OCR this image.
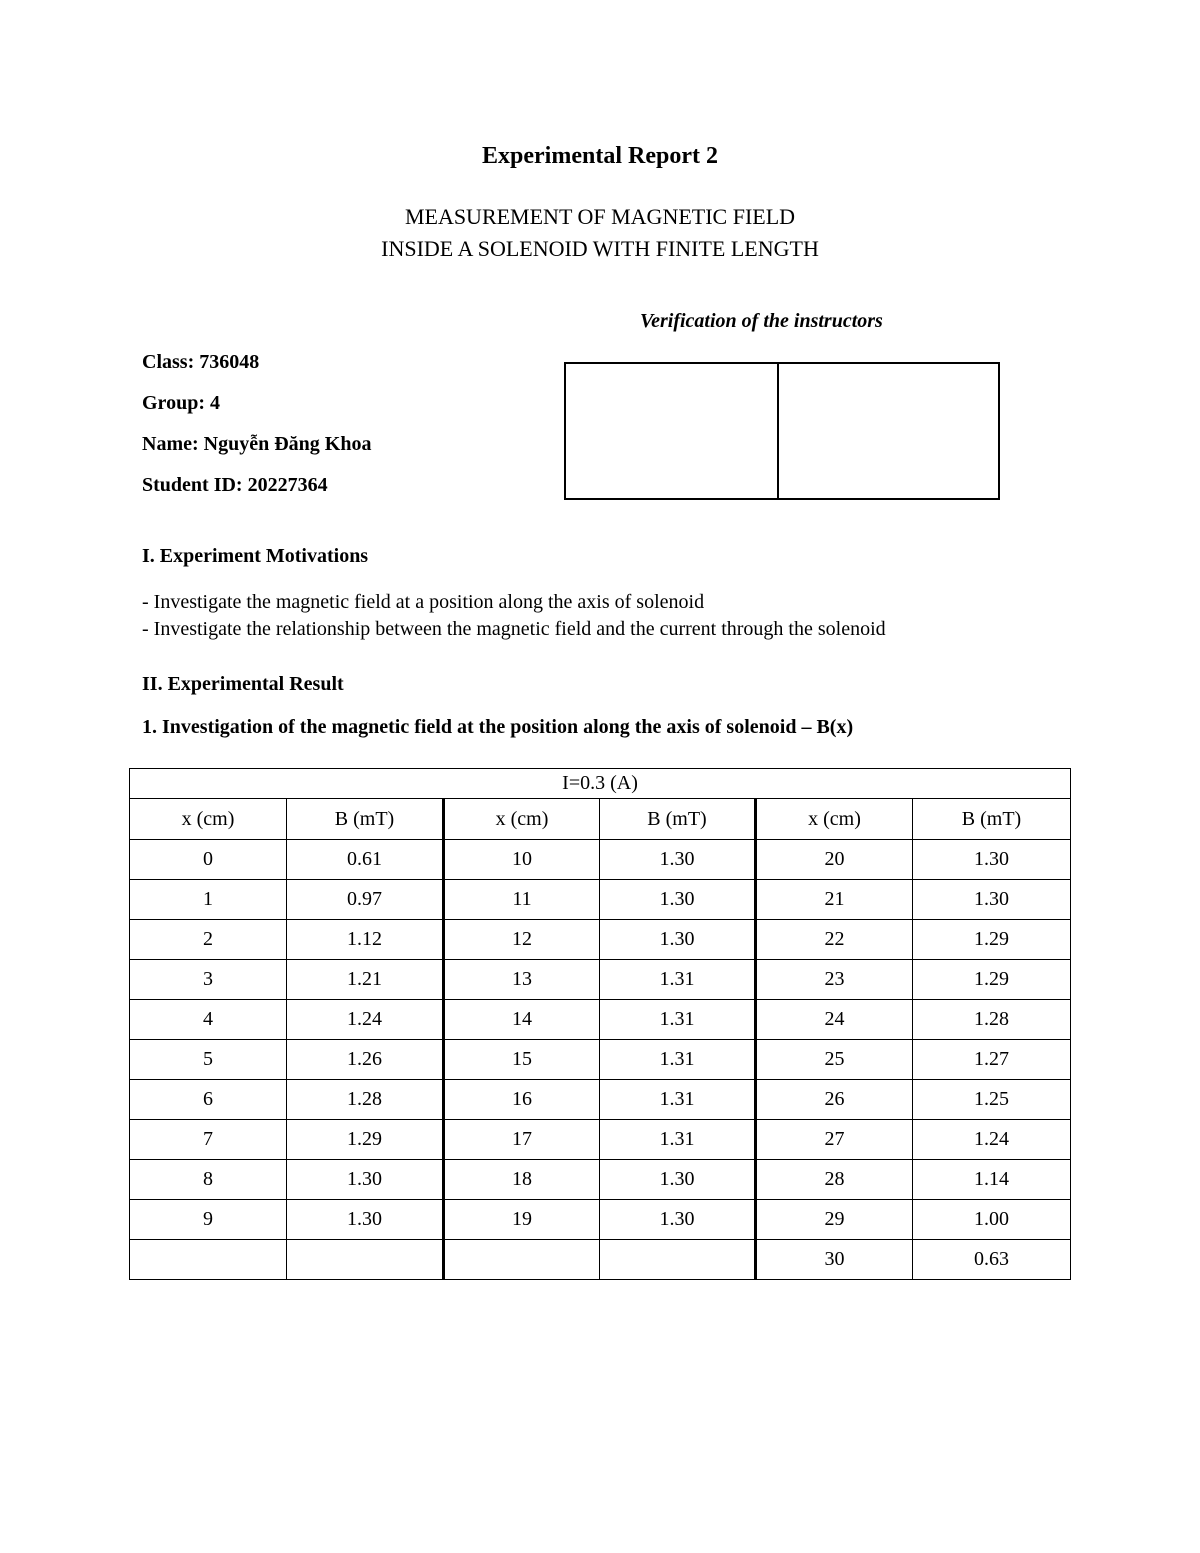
Experimental Report 2
MEASUREMENT OF MAGNETIC FIELD
INSIDE A SOLENOID WITH FINITE LENGTH
Verification of the instructors
Class: 736048
Group: 4
Name: Nguyễn Đăng Khoa
Student ID: 20227364
I. Experiment Motivations
- Investigate the magnetic field at a position along the axis of solenoid
- Investigate the relationship between the magnetic field and the current through the solenoid
II. Experimental Result
1. Investigation of the magnetic field at the position along the axis of solenoid – B(x)
I=0.3 (A)					
x (cm)	B (mT)	x (cm)	B (mT)	x (cm)	B (mT)
0	0.61	10	1.30	20	1.30
1	0.97	11	1.30	21	1.30
2	1.12	12	1.30	22	1.29
3	1.21	13	1.31	23	1.29
4	1.24	14	1.31	24	1.28
5	1.26	15	1.31	25	1.27
6	1.28	16	1.31	26	1.25
7	1.29	17	1.31	27	1.24
8	1.30	18	1.30	28	1.14
9	1.30	19	1.30	29	1.00
				30	0.63
